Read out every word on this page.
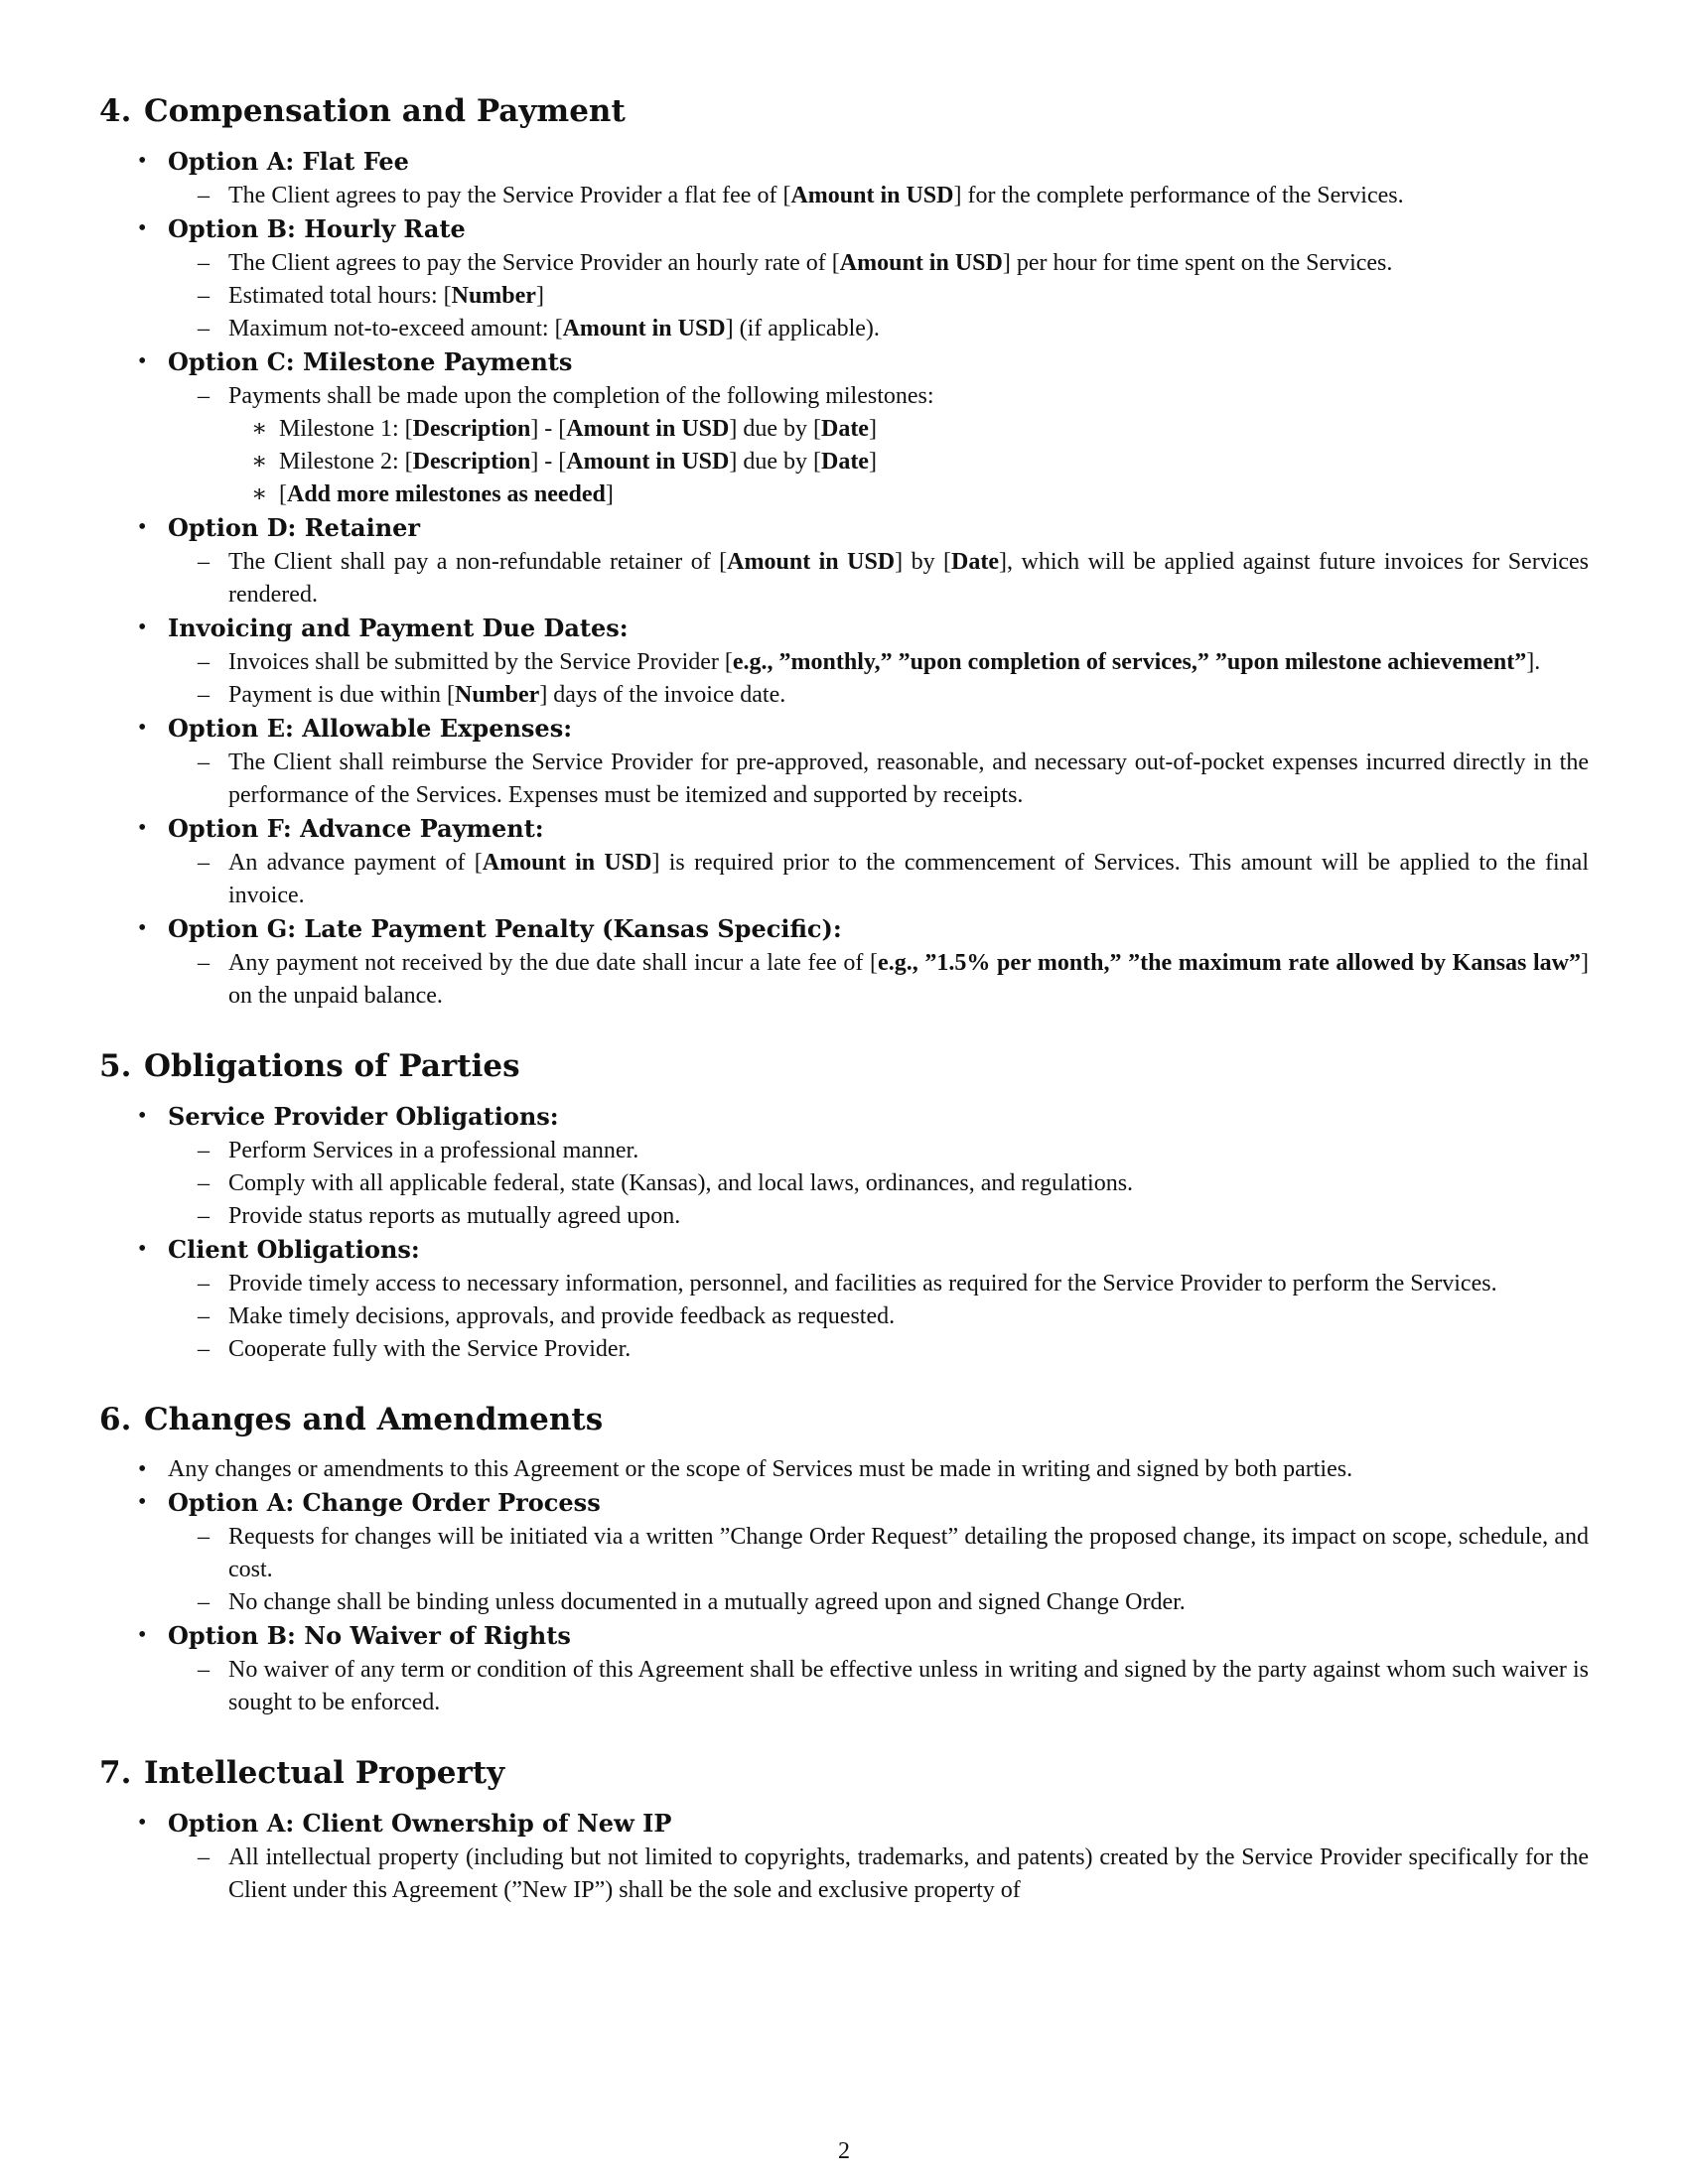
4. Compensation and Payment
• Option A: Flat Fee
– The Client agrees to pay the Service Provider a flat fee of [Amount in USD] for the complete performance of the Services.
• Option B: Hourly Rate
– The Client agrees to pay the Service Provider an hourly rate of [Amount in USD] per hour for time spent on the Services.
– Estimated total hours: [Number]
– Maximum not-to-exceed amount: [Amount in USD] (if applicable).
• Option C: Milestone Payments
– Payments shall be made upon the completion of the following milestones:
∗ Milestone 1: [Description] - [Amount in USD] due by [Date]
∗ Milestone 2: [Description] - [Amount in USD] due by [Date]
∗ [Add more milestones as needed]
• Option D: Retainer
– The Client shall pay a non-refundable retainer of [Amount in USD] by [Date], which will be applied against future invoices for Services rendered.
• Invoicing and Payment Due Dates:
– Invoices shall be submitted by the Service Provider [e.g., ”monthly,” ”upon completion of services,” ”upon milestone achievement”].
– Payment is due within [Number] days of the invoice date.
• Option E: Allowable Expenses:
– The Client shall reimburse the Service Provider for pre-approved, reasonable, and necessary out-of-pocket expenses incurred directly in the performance of the Services. Expenses must be itemized and supported by receipts.
• Option F: Advance Payment:
– An advance payment of [Amount in USD] is required prior to the commencement of Services. This amount will be applied to the final invoice.
• Option G: Late Payment Penalty (Kansas Specific):
– Any payment not received by the due date shall incur a late fee of [e.g., ”1.5% per month,” ”the maximum rate allowed by Kansas law”] on the unpaid balance.
5. Obligations of Parties
• Service Provider Obligations:
– Perform Services in a professional manner.
– Comply with all applicable federal, state (Kansas), and local laws, ordinances, and regulations.
– Provide status reports as mutually agreed upon.
• Client Obligations:
– Provide timely access to necessary information, personnel, and facilities as required for the Service Provider to perform the Services.
– Make timely decisions, approvals, and provide feedback as requested.
– Cooperate fully with the Service Provider.
6. Changes and Amendments
• Any changes or amendments to this Agreement or the scope of Services must be made in writing and signed by both parties.
• Option A: Change Order Process
– Requests for changes will be initiated via a written ”Change Order Request” detailing the proposed change, its impact on scope, schedule, and cost.
– No change shall be binding unless documented in a mutually agreed upon and signed Change Order.
• Option B: No Waiver of Rights
– No waiver of any term or condition of this Agreement shall be effective unless in writing and signed by the party against whom such waiver is sought to be enforced.
7. Intellectual Property
• Option A: Client Ownership of New IP
– All intellectual property (including but not limited to copyrights, trademarks, and patents) created by the Service Provider specifically for the Client under this Agreement (”New IP”) shall be the sole and exclusive property of
2
